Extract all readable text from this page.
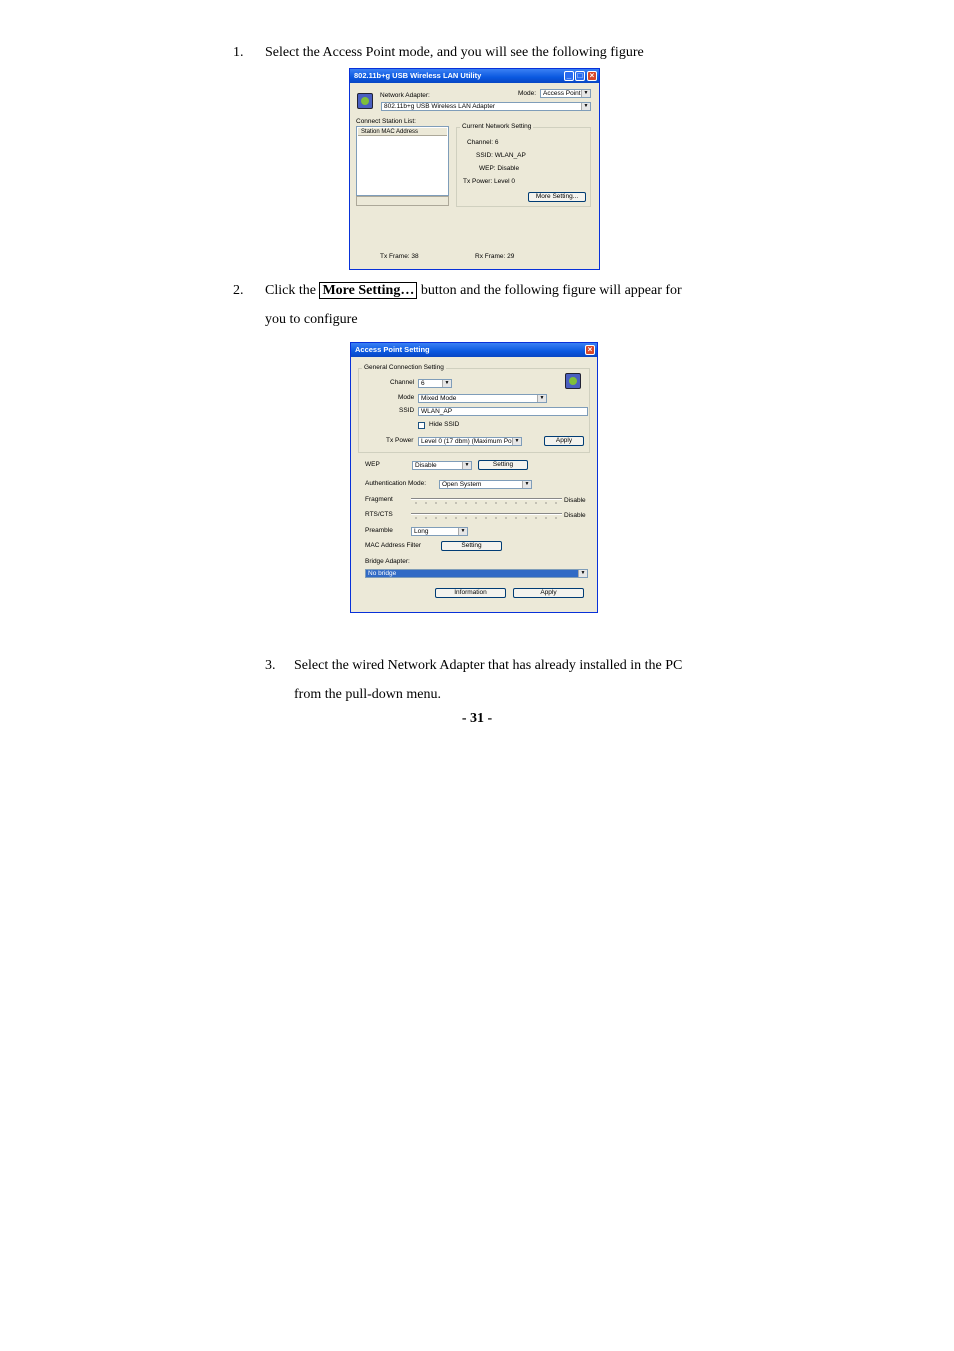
1. Select the Access Point mode, and you will see the following figure
802.11b+g USB Wireless LAN Utility	_ □ ×
Network Adapter:	Mode:	Access Point ▼
802.11b+g USB Wireless LAN Adapter	▼
Connect Station List:
Station MAC Address
Current Network Setting
Channel: 6
SSID: WLAN_AP
WEP: Disable
Tx Power: Level 0
More Setting...
Tx Frame: 38	Rx Frame: 29
2. Click the More Setting… button and the following figure will appear for
you to configure
Access Point Setting	×
General Connection Setting
Channel	6	▼
Mode	Mixed Mode	▼
SSID	WLAN_AP
Hide SSID
Tx Power	Level 0 (17 dbm) (Maximum Po ▼	Apply
WEP	Disable	▼	Setting
Authentication Mode:	Open System	▼
Fragment	Disable
RTS/CTS	Disable
Preamble	Long	▼
MAC Address Filter	Setting
Bridge Adapter:
No bridge	▼
Information	Apply
3. Select the wired Network Adapter that has already installed in the PC
from the pull-down menu.
- 31 -
